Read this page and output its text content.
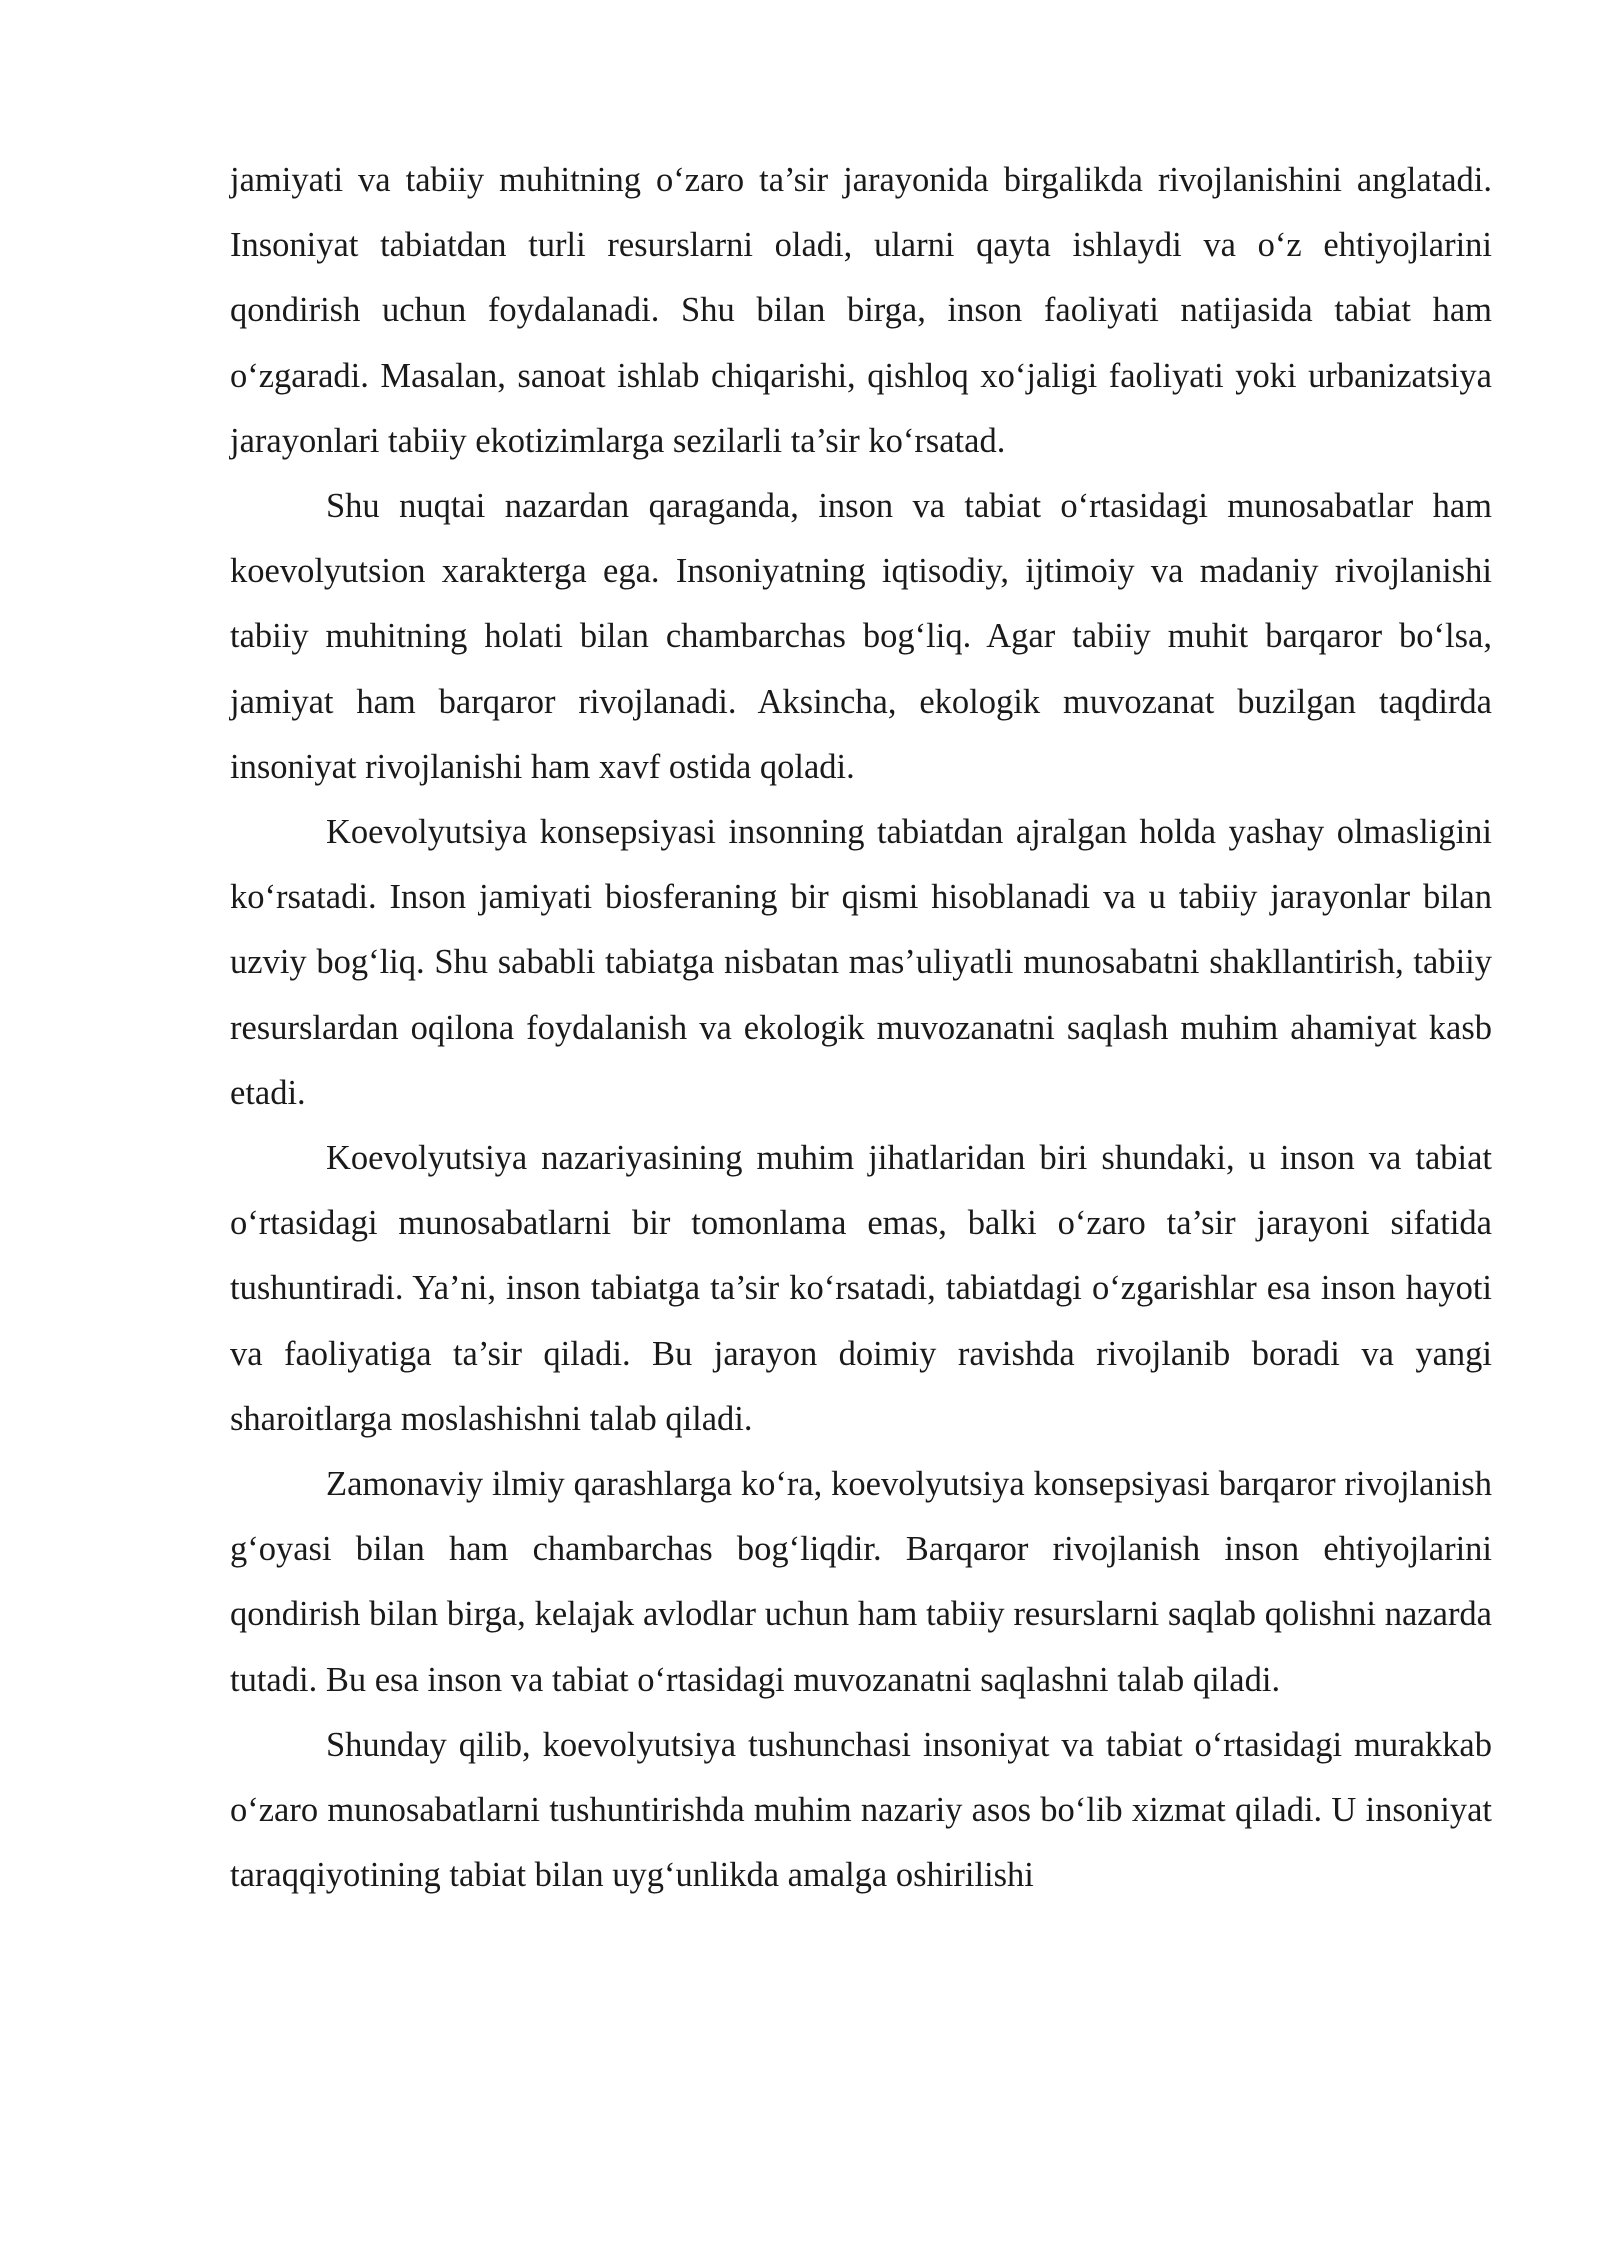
jamiyati va tabiiy muhitning o‘zaro ta’sir jarayonida birgalikda rivojlanishini anglatadi. Insoniyat tabiatdan turli resurslarni oladi, ularni qayta ishlaydi va o‘z ehtiyojlarini qondirish uchun foydalanadi. Shu bilan birga, inson faoliyati natijasida tabiat ham o‘zgaradi. Masalan, sanoat ishlab chiqarishi, qishloq xo‘jaligi faoliyati yoki urbanizatsiya jarayonlari tabiiy ekotizimlarga sezilarli ta’sir ko‘rsatad.

Shu nuqtai nazardan qaraganda, inson va tabiat o‘rtasidagi munosabatlar ham koevolyutsion xarakterga ega. Insoniyatning iqtisodiy, ijtimoiy va madaniy rivojlanishi tabiiy muhitning holati bilan chambarchas bog‘liq. Agar tabiiy muhit barqaror bo‘lsa, jamiyat ham barqaror rivojlanadi. Aksincha, ekologik muvozanat buzilgan taqdirda insoniyat rivojlanishi ham xavf ostida qoladi.

Koevolyutsiya konsepsiyasi insonning tabiatdan ajralgan holda yashay olmasligini ko‘rsatadi. Inson jamiyati biosferaning bir qismi hisoblanadi va u tabiiy jarayonlar bilan uzviy bog‘liq. Shu sababli tabiatga nisbatan mas’uliyatli munosabatni shakllantirish, tabiiy resurslardan oqilona foydalanish va ekologik muvozanatni saqlash muhim ahamiyat kasb etadi.

Koevolyutsiya nazariyasining muhim jihatlaridan biri shundaki, u inson va tabiat o‘rtasidagi munosabatlarni bir tomonlama emas, balki o‘zaro ta’sir jarayoni sifatida tushuntiradi. Ya’ni, inson tabiatga ta’sir ko‘rsatadi, tabiatdagi o‘zgarishlar esa inson hayoti va faoliyatiga ta’sir qiladi. Bu jarayon doimiy ravishda rivojlanib boradi va yangi sharoitlarga moslashishni talab qiladi.

Zamonaviy ilmiy qarashlarga ko‘ra, koevolyutsiya konsepsiyasi barqaror rivojlanish g‘oyasi bilan ham chambarchas bog‘liqdir. Barqaror rivojlanish inson ehtiyojlarini qondirish bilan birga, kelajak avlodlar uchun ham tabiiy resurslarni saqlab qolishni nazarda tutadi. Bu esa inson va tabiat o‘rtasidagi muvozanatni saqlashni talab qiladi.

Shunday qilib, koevolyutsiya tushunchasi insoniyat va tabiat o‘rtasidagi murakkab o‘zaro munosabatlarni tushuntirishda muhim nazariy asos bo‘lib xizmat qiladi. U insoniyat taraqqiyotining tabiat bilan uyg‘unlikda amalga oshirilishi
